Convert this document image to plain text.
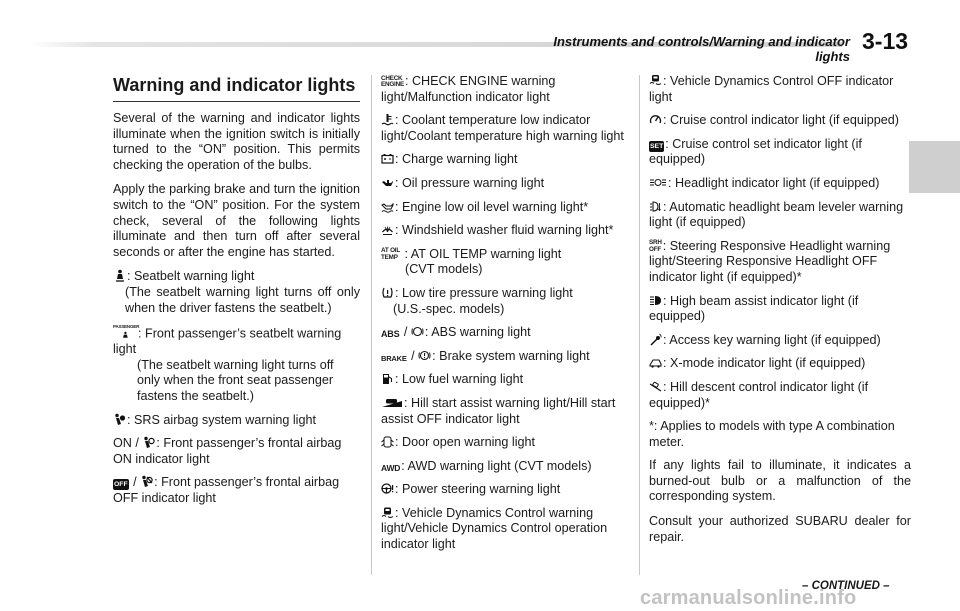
Instruments and controls/Warning and indicator lights
3-13
Warning and indicator lights
Several of the warning and indicator lights illuminate when the ignition switch is initially turned to the “ON” position. This permits checking the operation of the bulbs.
Apply the parking brake and turn the ignition switch to the “ON” position. For the system check, several of the following lights illuminate and then turn off after several seconds or after the engine has started.
: Seatbelt warning light
(The seatbelt warning light turns off only when the driver fastens the seatbelt.)
PASSENGER
: Front passenger’s seatbelt warning light
(The seatbelt warning light turns off only when the front seat passenger fastens the seatbelt.)
: SRS airbag system warning light
ON / : Front passenger’s frontal airbag ON indicator light
OFF / : Front passenger’s frontal airbag OFF indicator light
CHECK
ENGINE : CHECK ENGINE warning light/Malfunction indicator light
: Coolant temperature low indicator light/Coolant temperature high warning light
: Charge warning light
: Oil pressure warning light
: Engine low oil level warning light*
: Windshield washer fluid warning light*
AT OIL
TEMP : AT OIL TEMP warning light
(CVT models)
: Low tire pressure warning light
(U.S.-spec. models)
ABS / : ABS warning light
BRAKE / : Brake system warning light
: Low fuel warning light
: Hill start assist warning light/Hill start assist OFF indicator light
: Door open warning light
AWD: AWD warning light (CVT models)
: Power steering warning light
: Vehicle Dynamics Control warning light/Vehicle Dynamics Control operation indicator light
: Vehicle Dynamics Control OFF indicator light
: Cruise control indicator light (if equipped)
SET : Cruise control set indicator light (if equipped)
: Headlight indicator light (if equipped)
: Automatic headlight beam leveler warning light (if equipped)
SRH
OFF : Steering Responsive Headlight warning light/Steering Responsive Headlight OFF indicator light (if equipped)*
: High beam assist indicator light (if equipped)
: Access key warning light (if equipped)
: X-mode indicator light (if equipped)
: Hill descent control indicator light (if equipped)*
*: Applies to models with type A combination meter.
If any lights fail to illuminate, it indicates a burned-out bulb or a malfunction of the corresponding system.
Consult your authorized SUBARU dealer for repair.
– CONTINUED –
carmanualsonline.info
